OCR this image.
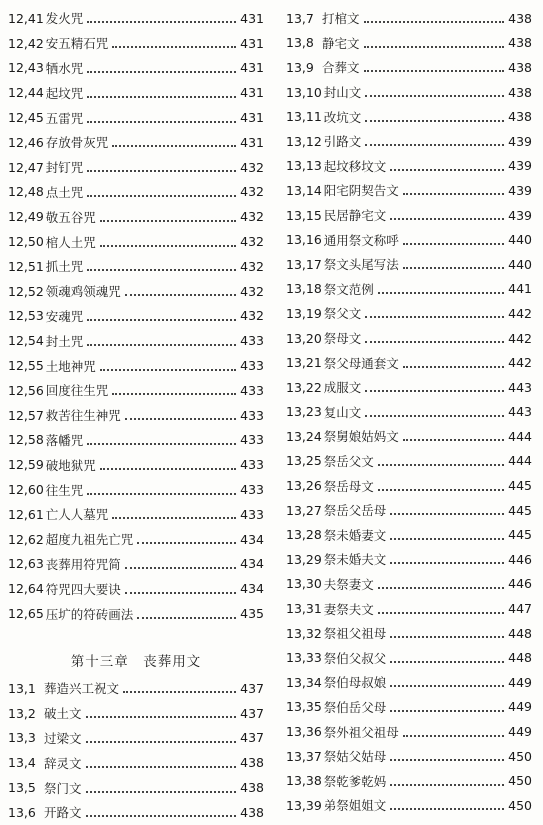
12,41 发火咒	431
12,42 安五精石咒	431
12,43 牺水咒	431
12,44 起坟咒	431
12,45 五雷咒	431
12,46 存放骨灰咒	431
12,47 封钉咒	432
12,48 点土咒	432
12,49 敬五谷咒	432
12,50 棺人土咒	432
12,51 抓土咒	432
12,52 领魂鸡领魂咒	432
12,53 安魂咒	432
12,54 封土咒	433
12,55 土地神咒	433
12,56 回度往生咒	433
12,57 救苦往生神咒	433
12,58 落幡咒	433
12,59 破地狱咒	433
12,60 往生咒	433
12,61 亡人人墓咒	433
12,62 超度九祖先亡咒	434
12,63 丧葬用符咒简	434
12,64 符咒四大要诀	434
12,65 压圹的符砖画法	435
第十三章　丧葬用文
13,1 葬造兴工祝文	437
13,2 破土文	437
13,3 过梁文	437
13,4 辞灵文	438
13,5 祭门文	438
13,6 开路文	438
13,7 打棺文	438
13,8 静宅文	438
13,9 合葬文	438
13,10 封山文	438
13,11 改坑文	438
13,12 引路文	439
13,13 起坟移坟文	439
13,14 阳宅阴契告文	439
13,15 民居静宅文	439
13,16 通用祭文称呼	440
13,17 祭文头尾写法	440
13,18 祭文范例	441
13,19 祭父文	442
13,20 祭母文	442
13,21 祭父母通套文	442
13,22 成服文	443
13,23 复山文	443
13,24 祭舅娘姑妈文	444
13,25 祭岳父文	444
13,26 祭岳母文	445
13,27 祭岳父岳母	445
13,28 祭未婚妻文	445
13,29 祭未婚夫文	446
13,30 夫祭妻文	446
13,31 妻祭夫文	447
13,32 祭祖父祖母	448
13,33 祭伯父叔父	448
13,34 祭伯母叔娘	449
13,35 祭伯岳父母	449
13,36 祭外祖父祖母	449
13,37 祭姑父姑母	450
13,38 祭乾爹乾妈	450
13,39 弟祭姐姐文	450
